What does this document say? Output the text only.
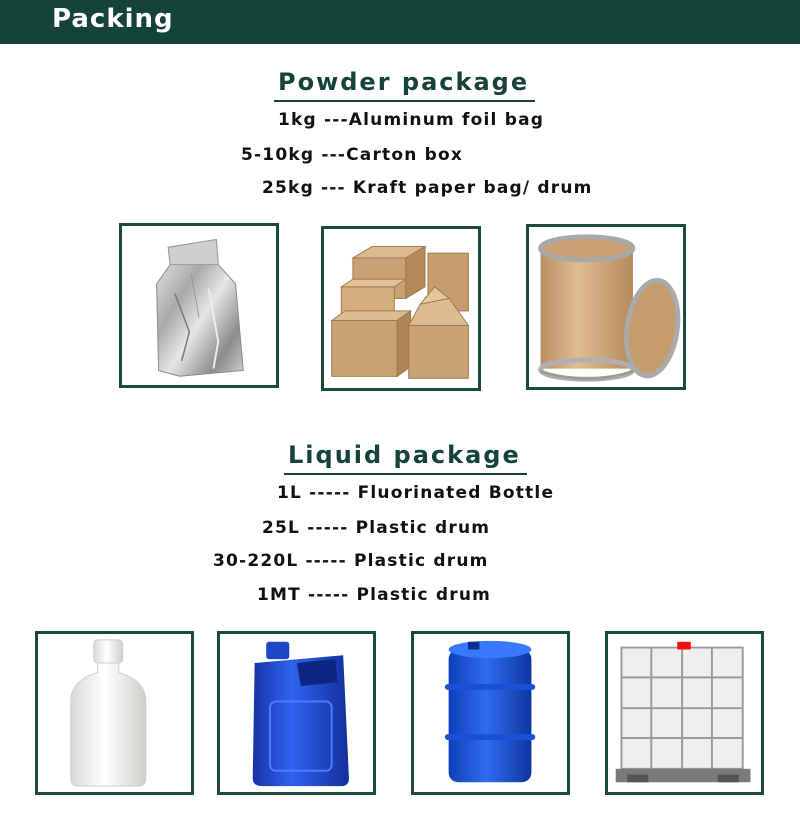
Packing
Powder package
1kg ---Aluminum foil bag
5-10kg ---Carton box
25kg --- Kraft paper bag/ drum
Liquid package
1L ----- Fluorinated Bottle
25L ----- Plastic drum
30-220L ----- Plastic drum
1MT ----- Plastic drum
